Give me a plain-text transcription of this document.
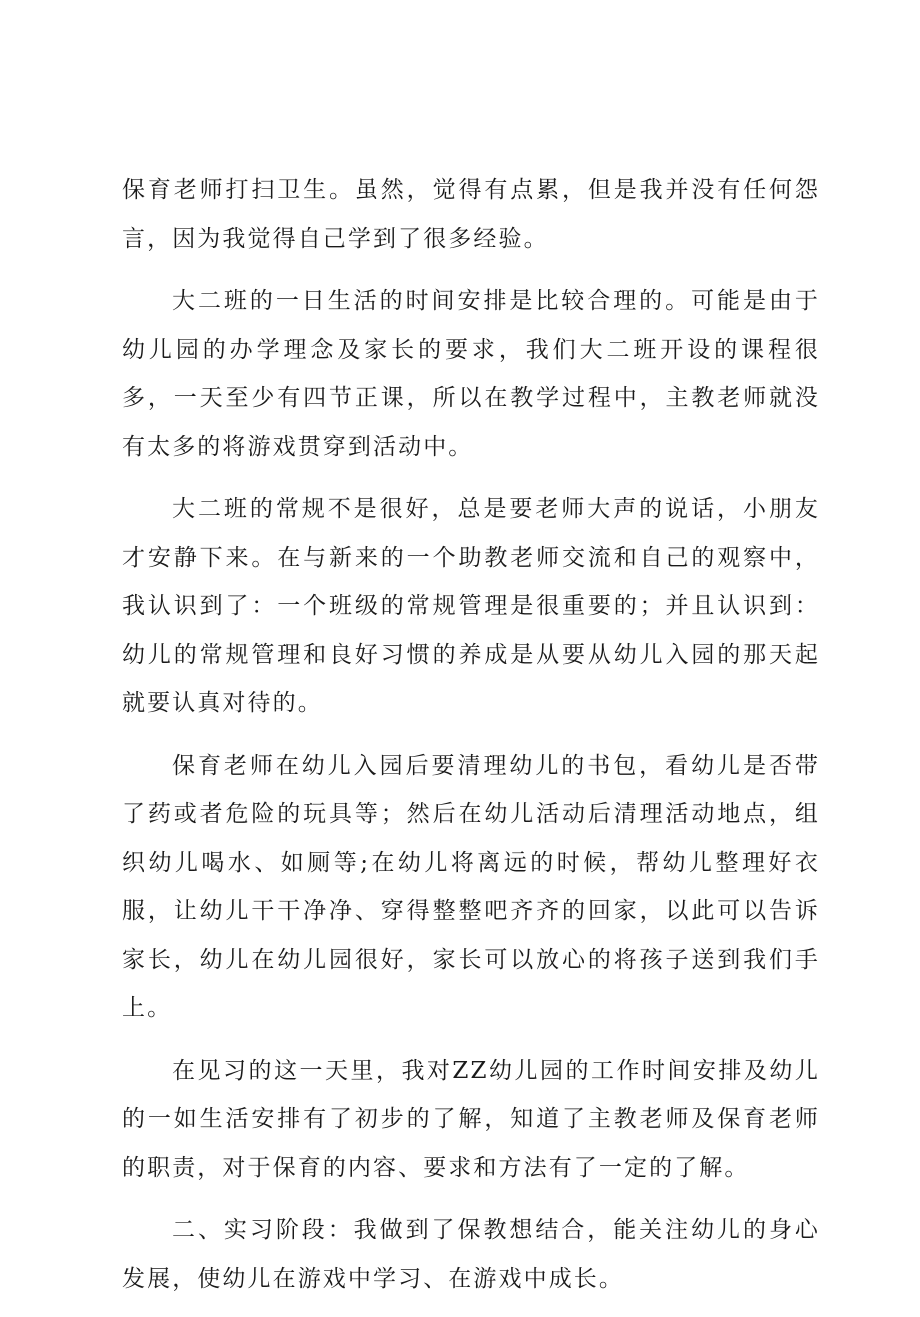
保育老师打扫卫生。虽然，觉得有点累，但是我并没有任何怨言，因为我觉得自己学到了很多经验。

大二班的一日生活的时间安排是比较合理的。可能是由于幼儿园的办学理念及家长的要求，我们大二班开设的课程很多，一天至少有四节正课，所以在教学过程中，主教老师就没有太多的将游戏贯穿到活动中。

大二班的常规不是很好，总是要老师大声的说话，小朋友才安静下来。在与新来的一个助教老师交流和自己的观察中，我认识到了：一个班级的常规管理是很重要的；并且认识到：幼儿的常规管理和良好习惯的养成是从要从幼儿入园的那天起就要认真对待的。

保育老师在幼儿入园后要清理幼儿的书包，看幼儿是否带了药或者危险的玩具等；然后在幼儿活动后清理活动地点，组织幼儿喝水、如厕等;在幼儿将离远的时候，帮幼儿整理好衣服，让幼儿干干净净、穿得整整吧齐齐的回家，以此可以告诉家长，幼儿在幼儿园很好，家长可以放心的将孩子送到我们手上。

在见习的这一天里，我对ZZ幼儿园的工作时间安排及幼儿的一如生活安排有了初步的了解，知道了主教老师及保育老师的职责，对于保育的内容、要求和方法有了一定的了解。

二、实习阶段：我做到了保教想结合，能关注幼儿的身心发展，使幼儿在游戏中学习、在游戏中成长。
